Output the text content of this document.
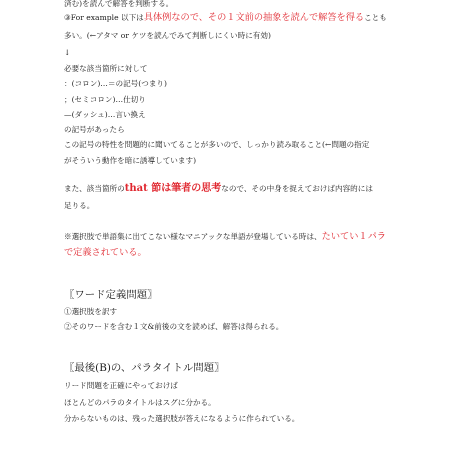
済む)を読んで解答を判断する。
③For example 以下は具体例なので、その１文前の抽象を読んで解答を得ることも
多い。(←アタマ or ケツを読んでみて判断しにくい時に有効)
↓
必要な該当箇所に対して
：(コロン)…＝の記号(つまり)
；(セミコロン)…仕切り
—(ダッシュ)…言い換え
の記号があったら
この記号の特性を問題的に聞いてることが多いので、しっかり読み取ること(←問題の指定
がそういう動作を暗に誘導しています)
また、該当箇所のthat 節は筆者の思考なので、その中身を捉えておけば内容的には
足りる。
※選択肢で単語集に出てこない様なマニアックな単語が登場している時は、たいてい１パラ
で定義されている。
〖ワード定義問題〗
①選択肢を訳す
②そのワードを含む１文&前後の文を読めば、解答は得られる。
〖最後(B)の、パラタイトル問題〗
リード問題を正確にやっておけば
ほとんどのパラのタイトルはスグに分かる。
分からないものは、残った選択肢が答えになるように作られている。
